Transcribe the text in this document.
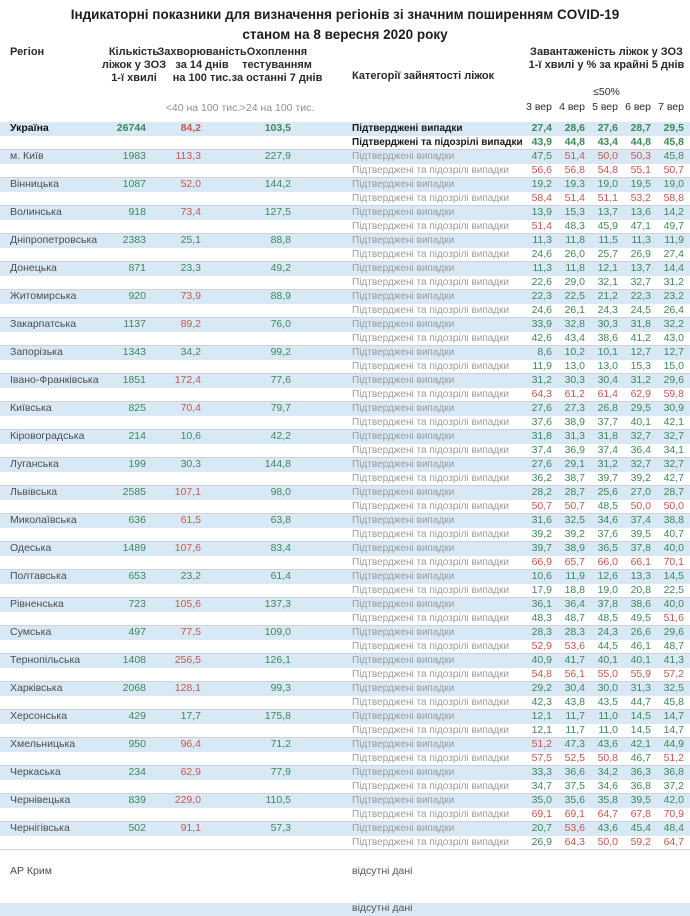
Індикаторні показники для визначення регіонів зі значним поширенням COVID-19
станом на 8 вересня 2020 року
Регіон	Кількість
ліжок у ЗОЗ
1-ї хвилі
Захворюваність
за 14 днів
на 100 тис.
Охоплення
тестуванням
за останні 7 днів	Категорії зайнятості ліжок
Завантаженість ліжок у ЗОЗ
1-ї хвилі у % за крайні 5 днів
≤50%
<40 на 100 тис. >24 на 100 тис.	3 вер 4 вер 5 вер 6 вер 7 вер
Україна	26744	84,2	103,5	Підтверджені випадки	27,4	28,6	27,6	28,7	29,5
Підтверджені та підозрілі випадки 43,9	44,8	43,4	44,8	45,8
м. Київ	1983	113,3	227,9	Підтверджені випадки	47,5	51,4	50,0	50,3	45,8
Підтверджені та підозрілі випадки	56,6	56,8	54,8	55,1	50,7
Вінницька	1087	52,0	144,2	Підтверджені випадки	19,2	19,3	19,0	19,5	19,0
Підтверджені та підозрілі випадки	58,4	51,4	51,1	53,2	58,8
Волинська	918	73,4	127,5	Підтверджені випадки	13,9	15,3	13,7	13,6	14,2
Підтверджені та підозрілі випадки	51,4	48,3	45,9	47,1	49,7
Дніпропетровська	2383	25,1	88,8	Підтверджені випадки	11,3	11,8	11,5	11,3	11,9
Підтверджені та підозрілі випадки	24,6	26,0	25,7	26,9	27,4
Донецька	871	23,3	49,2	Підтверджені випадки	11,3	11,8	12,1	13,7	14,4
Підтверджені та підозрілі випадки	22,6	29,0	32,1	32,7	31,2
Житомирська	920	73,9	88,9	Підтверджені випадки	22,3	22,5	21,2	22,3	23,2
Підтверджені та підозрілі випадки	24,6	26,1	24,3	24,5	26,4
Закарпатська	1137	89,2	76,0	Підтверджені випадки	33,9	32,8	30,3	31,8	32,2
Підтверджені та підозрілі випадки	42,6	43,4	38,6	41,2	43,0
Запорізька	1343	34,2	99,2	Підтверджені випадки	8,6	10,2	10,1	12,7	12,7
Підтверджені та підозрілі випадки	11,9	13,0	13,0	15,3	15,0
Івано-Франківська	1851	172,4	77,6	Підтверджені випадки	31,2	30,3	30,4	31,2	29,6
Підтверджені та підозрілі випадки	64,3	61,2	61,4	62,9	59,8
Київська	825	70,4	79,7	Підтверджені випадки	27,6	27,3	26,8	29,5	30,9
Підтверджені та підозрілі випадки	37,6	38,9	37,7	40,1	42,1
Кіровоградська	214	10,6	42,2	Підтверджені випадки	31,8	31,3	31,8	32,7	32,7
Підтверджені та підозрілі випадки	37,4	36,9	37,4	36,4	34,1
Луганська	199	30,3	144,8	Підтверджені випадки	27,6	29,1	31,2	32,7	32,7
Підтверджені та підозрілі випадки	36,2	38,7	39,7	39,2	42,7
Львівська	2585	107,1	98,0	Підтверджені випадки	28,2	28,7	25,6	27,0	28,7
Підтверджені та підозрілі випадки	50,7	50,7	48,5	50,0	50,0
Миколаївська	636	61,5	63,8	Підтверджені випадки	31,6	32,5	34,6	37,4	38,8
Підтверджені та підозрілі випадки	39,2	39,2	37,6	39,5	40,7
Одеська	1489	107,6	83,4	Підтверджені випадки	39,7	38,9	36,5	37,8	40,0
Підтверджені та підозрілі випадки	66,9	65,7	66,0	66,1	70,1
Полтавська	653	23,2	61,4	Підтверджені випадки	10,6	11,9	12,6	13,3	14,5
Підтверджені та підозрілі випадки	17,9	18,8	19,0	20,8	22,5
Рівненська	723	105,6	137,3	Підтверджені випадки	36,1	36,4	37,8	38,6	40,0
Підтверджені та підозрілі випадки	48,3	48,7	48,5	49,5	51,6
Сумська	497	77,5	109,0	Підтверджені випадки	28,3	28,3	24,3	26,6	29,6
Підтверджені та підозрілі випадки	52,9	53,6	44,5	46,1	48,7
Тернопільська	1408	256,5	126,1	Підтверджені випадки	40,9	41,7	40,1	40,1	41,3
Підтверджені та підозрілі випадки	54,8	56,1	55,0	55,9	57,2
Харківська	2068	128,1	99,3	Підтверджені випадки	29,2	30,4	30,0	31,3	32,5
Підтверджені та підозрілі випадки	42,3	43,8	43,5	44,7	45,8
Херсонська	429	17,7	175,8	Підтверджені випадки	12,1	11,7	11,0	14,5	14,7
Підтверджені та підозрілі випадки	12,1	11,7	11,0	14,5	14,7
Хмельницька	950	96,4	71,2	Підтверджені випадки	51,2	47,3	43,6	42,1	44,9
Підтверджені та підозрілі випадки	57,5	52,5	50,8	46,7	51,2
Черкаська	234	62,9	77,9	Підтверджені випадки	33,3	36,6	34,2	36,3	36,8
Підтверджені та підозрілі випадки	34,7	37,5	34,6	36,8	37,2
Чернівецька	839	229,0	110,5	Підтверджені випадки	35,0	35,6	35,8	39,5	42,0
Підтверджені та підозрілі випадки	69,1	69,1	64,7	67,8	70,9
Чернігівська	502	91,1	57,3	Підтверджені випадки	20,7	53,6	43,6	45,4	48,4
Підтверджені та підозрілі випадки	26,9	64,3	50,0	59,2	64,7
АР Крим	відсутні дані
відсутні дані
